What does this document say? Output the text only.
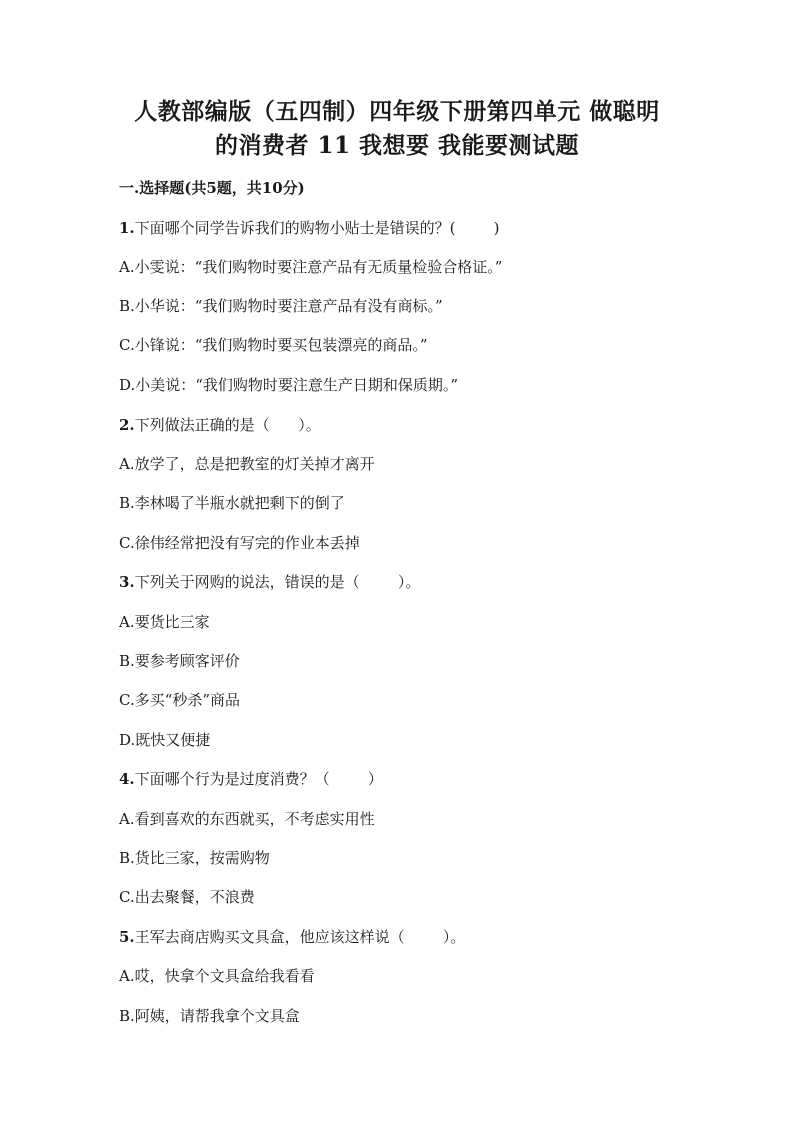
人教部编版（五四制）四年级下册第四单元 做聪明
的消费者 11 我想要 我能要测试题
一.选择题(共5题，共10分)
1.下面哪个同学告诉我们的购物小贴士是错误的？(        )
A.小雯说：“我们购物时要注意产品有无质量检验合格证。”
B.小华说：“我们购物时要注意产品有没有商标。”
C.小锋说：“我们购物时要买包装漂亮的商品。”
D.小美说：“我们购物时要注意生产日期和保质期。”
2.下列做法正确的是（      ）。
A.放学了，总是把教室的灯关掉才离开
B.李林喝了半瓶水就把剩下的倒了
C.徐伟经常把没有写完的作业本丢掉
3.下列关于网购的说法，错误的是（        ）。
A.要货比三家
B.要参考顾客评价
C.多买“秒杀”商品
D.既快又便捷
4.下面哪个行为是过度消费？（        ）
A.看到喜欢的东西就买，不考虑实用性
B.货比三家，按需购物
C.出去聚餐，不浪费
5.王军去商店购买文具盒，他应该这样说（        ）。
A.哎，快拿个文具盒给我看看
B.阿姨，请帮我拿个文具盒
